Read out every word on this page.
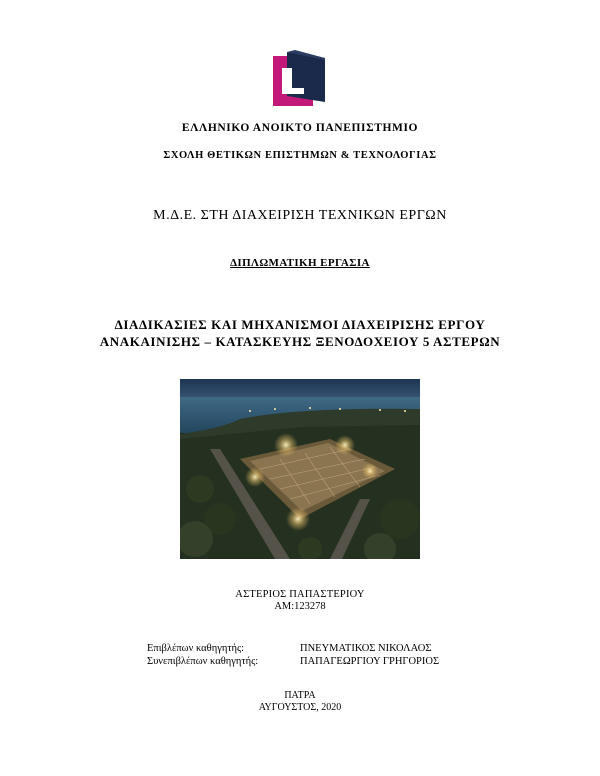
ΕΛΛΗΝΙΚΟ ΑΝΟΙΚΤΟ ΠΑΝΕΠΙΣΤΗΜΙΟ
ΣΧΟΛΗ ΘΕΤΙΚΩΝ ΕΠΙΣΤΗΜΩΝ & ΤΕΧΝΟΛΟΓΙΑΣ
Μ.Δ.Ε. ΣΤΗ ΔΙΑΧΕΙΡΙΣΗ ΤΕΧΝΙΚΩΝ ΕΡΓΩΝ
ΔΙΠΛΩΜΑΤΙΚΗ ΕΡΓΑΣΙΑ
ΔΙΑΔΙΚΑΣΙΕΣ ΚΑΙ ΜΗΧΑΝΙΣΜΟΙ ΔΙΑΧΕΙΡΙΣΗΣ ΕΡΓΟΥ
ΑΝΑΚΑΙΝΙΣΗΣ – ΚΑΤΑΣΚΕΥΗΣ ΞΕΝΟΔΟΧΕΙΟΥ 5 ΑΣΤΕΡΩΝ
ΑΣΤΕΡΙΟΣ ΠΑΠΑΣΤΕΡΙΟΥ
ΑΜ:123278
Επιβλέπων καθηγητής:	ΠΝΕΥΜΑΤΙΚΟΣ ΝΙΚΟΛΑΟΣ
Συνεπιβλέπων καθηγητής:	ΠΑΠΑΓΕΩΡΓΙΟΥ ΓΡΗΓΟΡΙΟΣ
ΠΑΤΡΑ
ΑΥΓΟΥΣΤΟΣ, 2020
